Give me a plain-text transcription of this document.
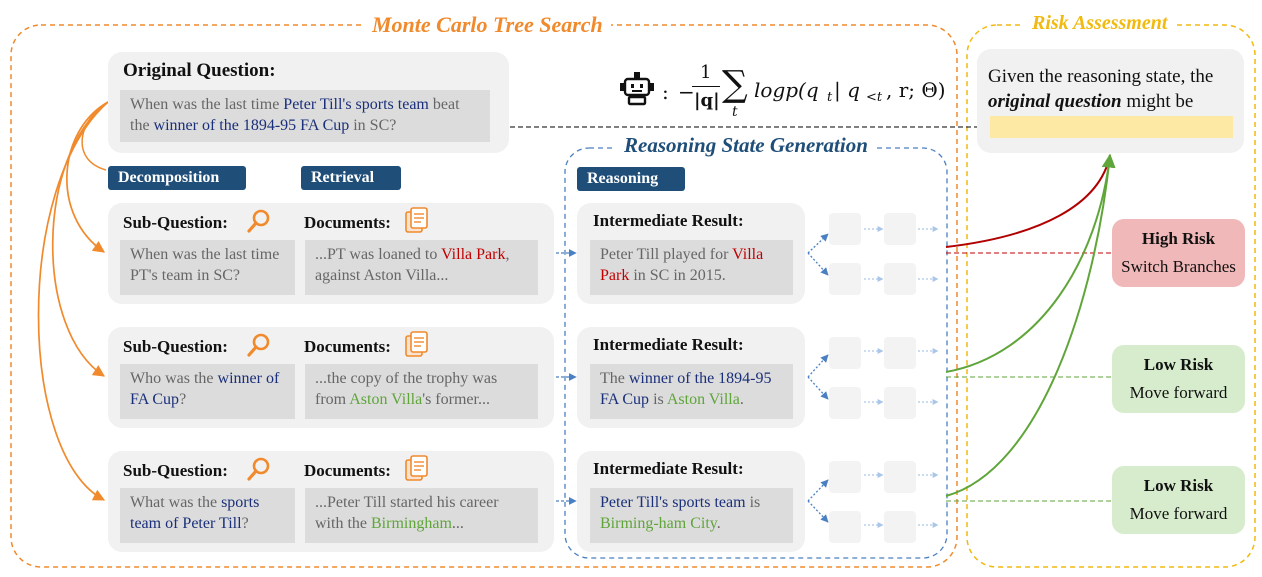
Monte Carlo Tree Search	Risk Assessment
Reasoning State Generation
Original Question:
When was the last time Peter Till's sports team beat the winner of the 1894-95 FA Cup in SC?
: −
1
|q| ∑
t
logp(q t | q <t , r; Θ)
Decomposition	Retrieval	Reasoning
Given the reasoning state, the
original question might be
Sub-Question:	Documents:	Intermediate Result:
When was the last time PT's team in SC?
...PT was loaned to Villa Park, against Aston Villa...
Peter Till played for Villa Park in SC in 2015.
Sub-Question:	Documents:	Intermediate Result:
Who was the winner of FA Cup?
...the copy of the trophy was from Aston Villa's former...
The winner of the 1894-95 FA Cup is Aston Villa.
Sub-Question:	Documents:	Intermediate Result:
What was the sports team of Peter Till?
...Peter Till started his career with the Birmingham...
Peter Till's sports team is Birming-ham City.
High Risk
Switch Branches
Low Risk
Move forward
Low Risk
Move forward
